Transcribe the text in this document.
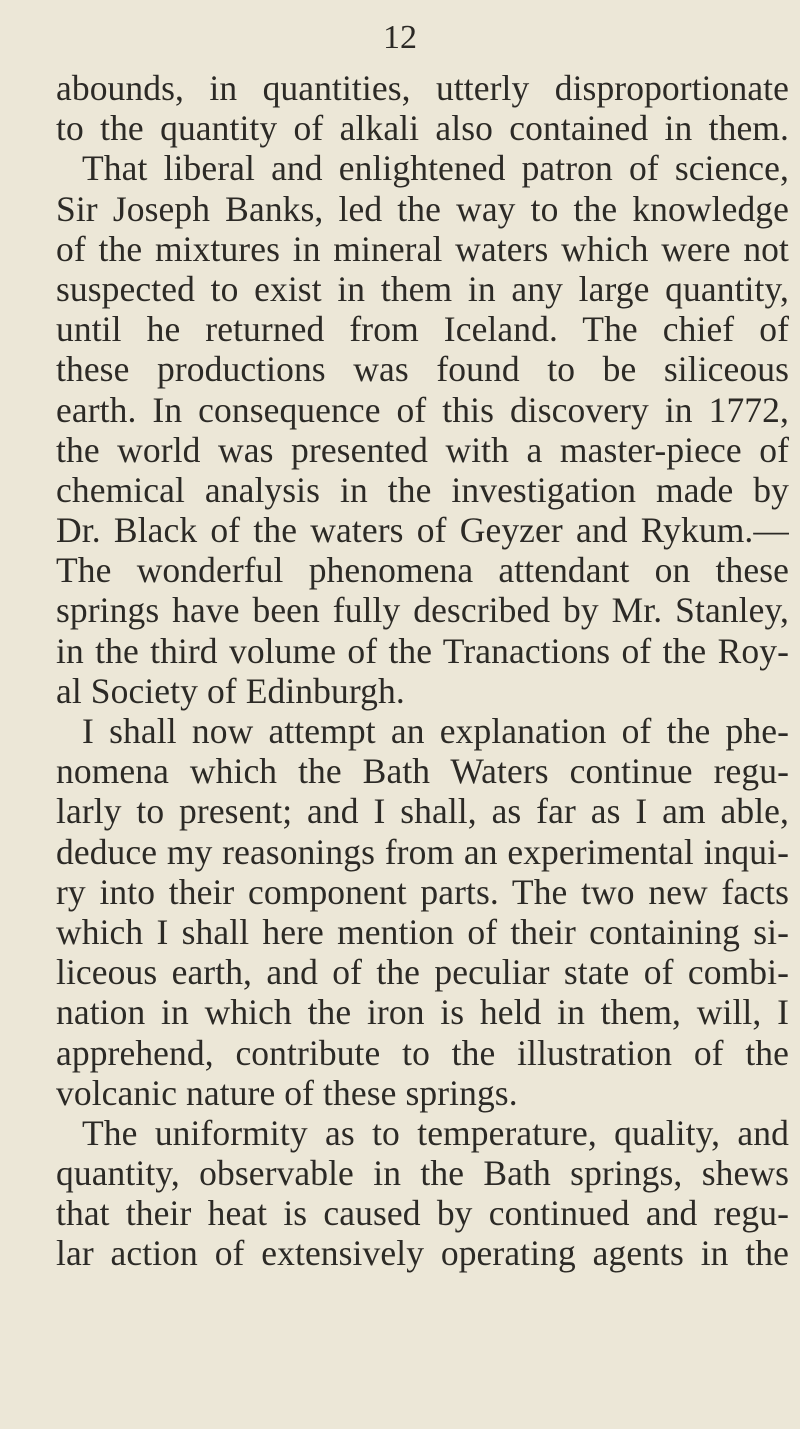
12
abounds, in quantities, utterly disproportionate
to the quantity of alkali also contained in them.
That liberal and enlightened patron of science,
Sir Joseph Banks, led the way to the knowledge
of the mixtures in mineral waters which were not
suspected to exist in them in any large quantity,
until he returned from Iceland. The chief of
these productions was found to be siliceous
earth. In consequence of this discovery in 1772,
the world was presented with a master-piece of
chemical analysis in the investigation made by
Dr. Black of the waters of Geyzer and Rykum.—
The wonderful phenomena attendant on these
springs have been fully described by Mr. Stanley,
in the third volume of the Tranactions of the Roy-
al Society of Edinburgh.
I shall now attempt an explanation of the phe-
nomena which the Bath Waters continue regu-
larly to present; and I shall, as far as I am able,
deduce my reasonings from an experimental inqui-
ry into their component parts. The two new facts
which I shall here mention of their containing si-
liceous earth, and of the peculiar state of combi-
nation in which the iron is held in them, will, I
apprehend, contribute to the illustration of the
volcanic nature of these springs.
The uniformity as to temperature, quality, and
quantity, observable in the Bath springs, shews
that their heat is caused by continued and regu-
lar action of extensively operating agents in the
